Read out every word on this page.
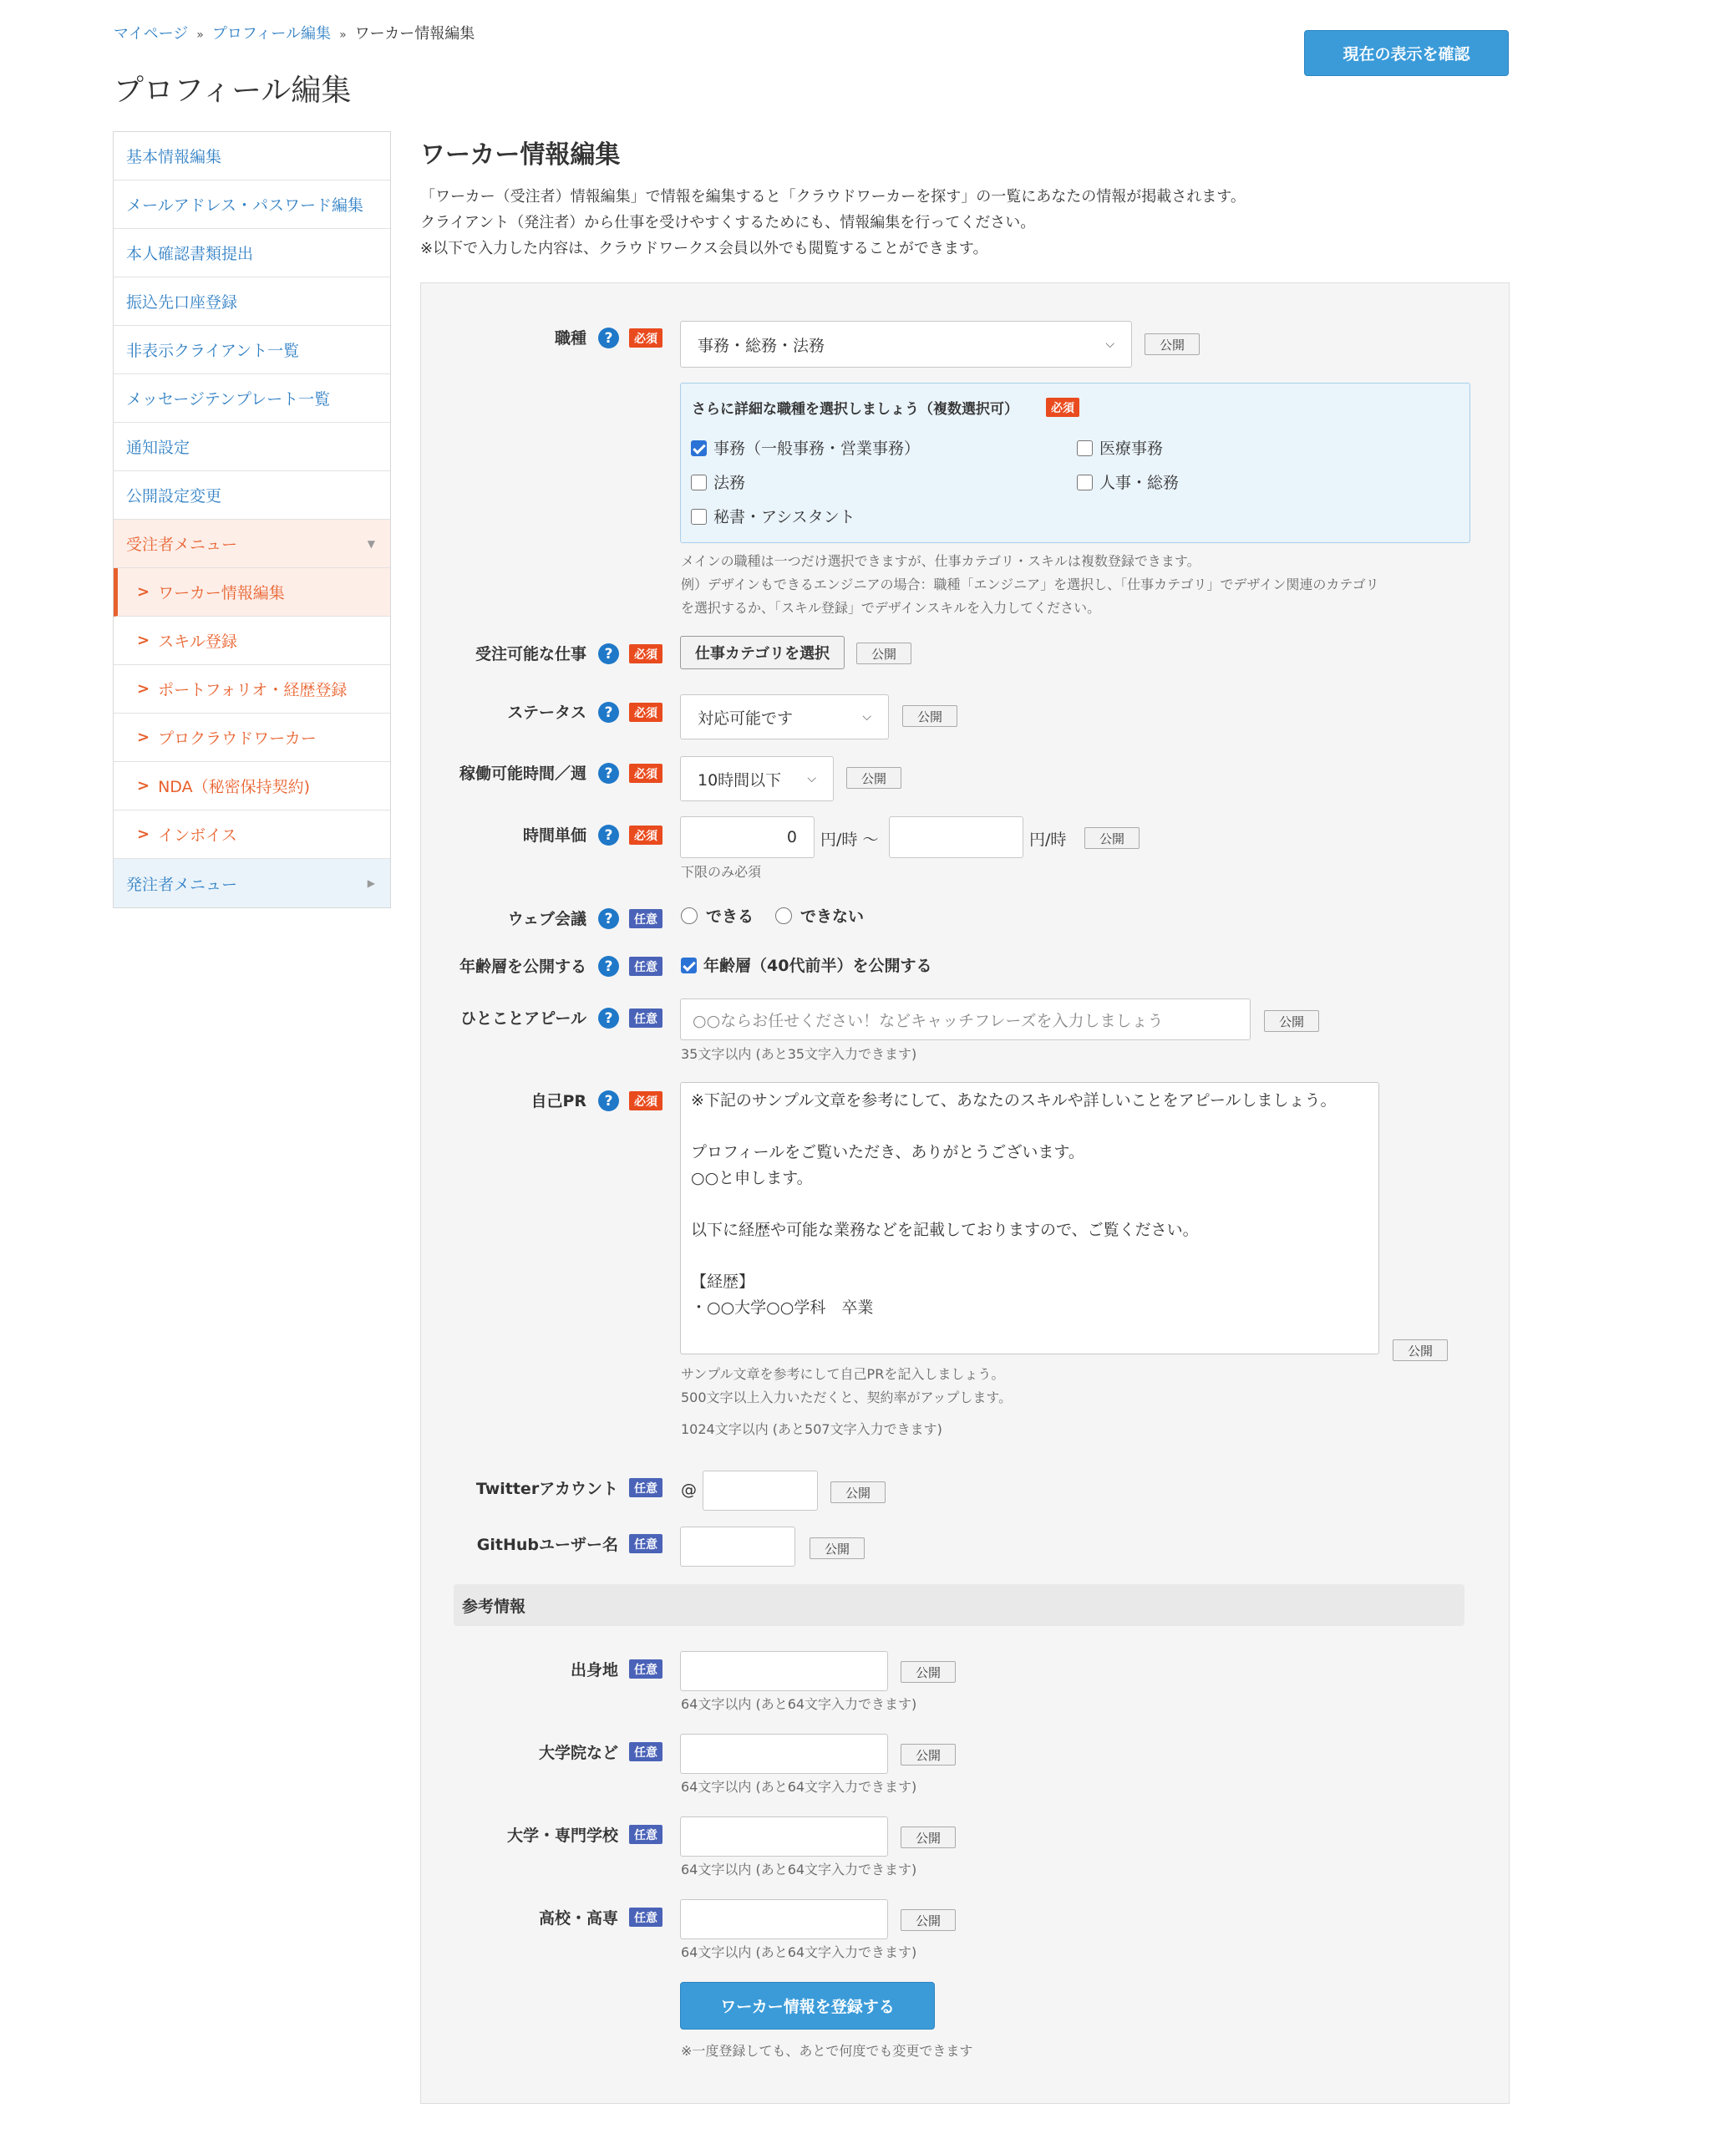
マイページ » プロフィール編集 » ワーカー情報編集
プロフィール編集
現在の表示を確認
基本情報編集
メールアドレス・パスワード編集
本人確認書類提出
振込先口座登録
非表示クライアント一覧
メッセージテンプレート一覧
通知設定
公開設定変更
受注者メニュー	▼
> ワーカー情報編集
> スキル登録
> ポートフォリオ・経歴登録
> プロクラウドワーカー
> NDA（秘密保持契約)
> インボイス
発注者メニュー	▶
ワーカー情報編集
「ワーカー（受注者）情報編集」で情報を編集すると「クラウドワーカーを探す」の一覧にあなたの情報が掲載されます。
クライアント（発注者）から仕事を受けやすくするためにも、情報編集を行ってください。
※以下で入力した内容は、クラウドワークス会員以外でも閲覧することができます。
職種	?	必須	事務・総務・法務	⌵	公開
さらに詳細な職種を選択しましょう（複数選択可）	必須
事務（一般事務・営業事務）	医療事務
法務	人事・総務
秘書・アシスタント
メインの職種は一つだけ選択できますが、仕事カテゴリ・スキルは複数登録できます。
例）デザインもできるエンジニアの場合：職種「エンジニア」を選択し、「仕事カテゴリ」でデザイン関連のカテゴリ
を選択するか、「スキル登録」でデザインスキルを入力してください。
受注可能な仕事	?	必須	仕事カテゴリを選択	公開
ステータス	?	必須	対応可能です	⌵	公開
稼働可能時間／週	?	必須	10時間以下 ⌵	公開
時間単価	?	必須	0	円/時 〜	円/時	公開
下限のみ必須
ウェブ会議	?	任意	できる	できない
年齢層を公開する	?	任意	年齢層（40代前半）を公開する
ひとことアピール	?	任意	○○ならお任せください！などキャッチフレーズを入力しましょう	公開
35文字以内 (あと35文字入力できます)
自己PR	?	必須	※下記のサンプル文章を参考にして、あなたのスキルや詳しいことをアピールしましょう。

プロフィールをご覧いただき、ありがとうございます。
○○と申します。

以下に経歴や可能な業務などを記載しておりますので、ご覧ください。

【経歴】
・○○大学○○学科　卒業
公開
サンプル文章を参考にして自己PRを記入しましょう。
500文字以上入力いただくと、契約率がアップします。
1024文字以内 (あと507文字入力できます)
Twitterアカウント	任意	@	公開
GitHubユーザー名	任意	公開
参考情報
出身地	任意	公開
64文字以内 (あと64文字入力できます)
大学院など	任意	公開
64文字以内 (あと64文字入力できます)
大学・専門学校	任意	公開
64文字以内 (あと64文字入力できます)
高校・高専	任意	公開
64文字以内 (あと64文字入力できます)
ワーカー情報を登録する
※一度登録しても、あとで何度でも変更できます
